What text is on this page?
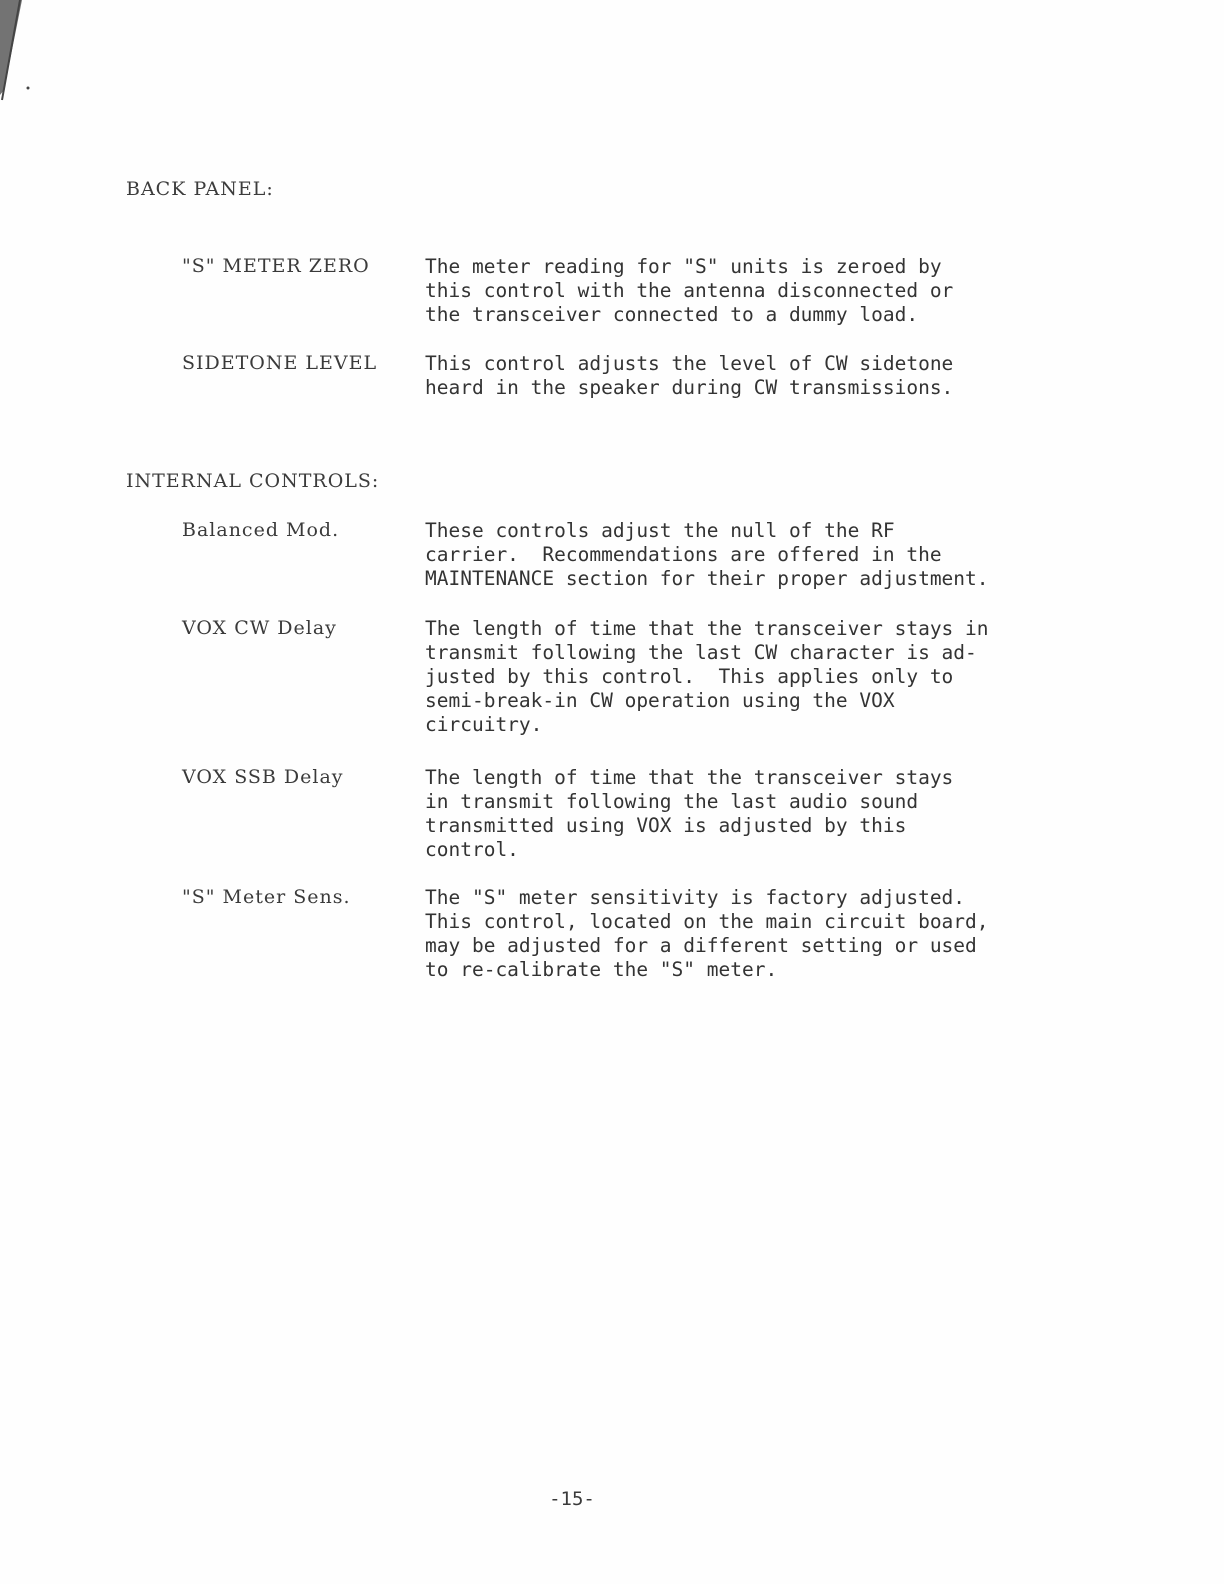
BACK PANEL:
"S" METER ZERO	The meter reading for "S" units is zeroed by
this control with the antenna disconnected or
the transceiver connected to a dummy load.
SIDETONE LEVEL This control adjusts the level of CW sidetone
heard in the speaker during CW transmissions.
INTERNAL CONTROLS:
Balanced Mod.	These controls adjust the null of the RF
carrier.  Recommendations are offered in the
MAINTENANCE section for their proper adjustment.
VOX CW Delay	The length of time that the transceiver stays in
transmit following the last CW character is ad-
justed by this control.  This applies only to
semi-break-in CW operation using the VOX
circuitry.
VOX SSB Delay	The length of time that the transceiver stays
in transmit following the last audio sound
transmitted using VOX is adjusted by this
control.
"S" Meter Sens.	The "S" meter sensitivity is factory adjusted.
This control, located on the main circuit board,
may be adjusted for a different setting or used
to re-calibrate the "S" meter.
-15-
